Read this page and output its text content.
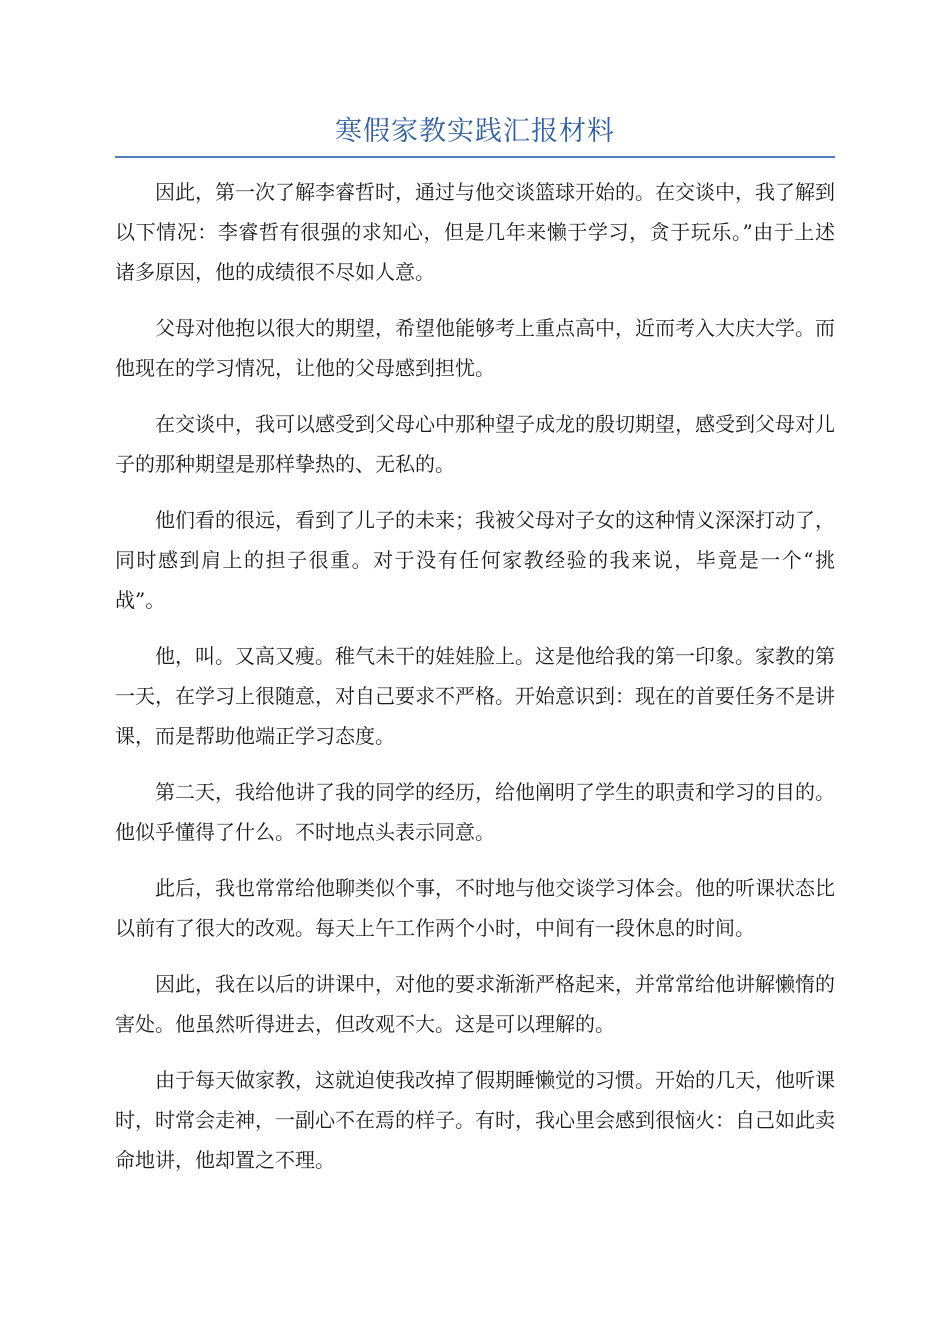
寒假家教实践汇报材料

因此，第一次了解李睿哲时，通过与他交谈篮球开始的。在交谈中，我了解到以下情况：李睿哲有很强的求知心，但是几年来懒于学习，贪于玩乐。”由于上述诸多原因，他的成绩很不尽如人意。

父母对他抱以很大的期望，希望他能够考上重点高中，近而考入大庆大学。而他现在的学习情况，让他的父母感到担忧。

在交谈中，我可以感受到父母心中那种望子成龙的殷切期望，感受到父母对儿子的那种期望是那样挚热的、无私的。

他们看的很远，看到了儿子的未来；我被父母对子女的这种情义深深打动了，同时感到肩上的担子很重。对于没有任何家教经验的我来说，毕竟是一个“挑战”。

他，叫。又高又瘦。稚气未干的娃娃脸上。这是他给我的第一印象。家教的第一天，在学习上很随意，对自己要求不严格。开始意识到：现在的首要任务不是讲课，而是帮助他端正学习态度。

第二天，我给他讲了我的同学的经历，给他阐明了学生的职责和学习的目的。他似乎懂得了什么。不时地点头表示同意。

此后，我也常常给他聊类似个事，不时地与他交谈学习体会。他的听课状态比以前有了很大的改观。每天上午工作两个小时，中间有一段休息的时间。

因此，我在以后的讲课中，对他的要求渐渐严格起来，并常常给他讲解懒惰的害处。他虽然听得进去，但改观不大。这是可以理解的。

由于每天做家教，这就迫使我改掉了假期睡懒觉的习惯。开始的几天，他听课时，时常会走神，一副心不在焉的样子。有时，我心里会感到很恼火：自己如此卖命地讲，他却置之不理。
